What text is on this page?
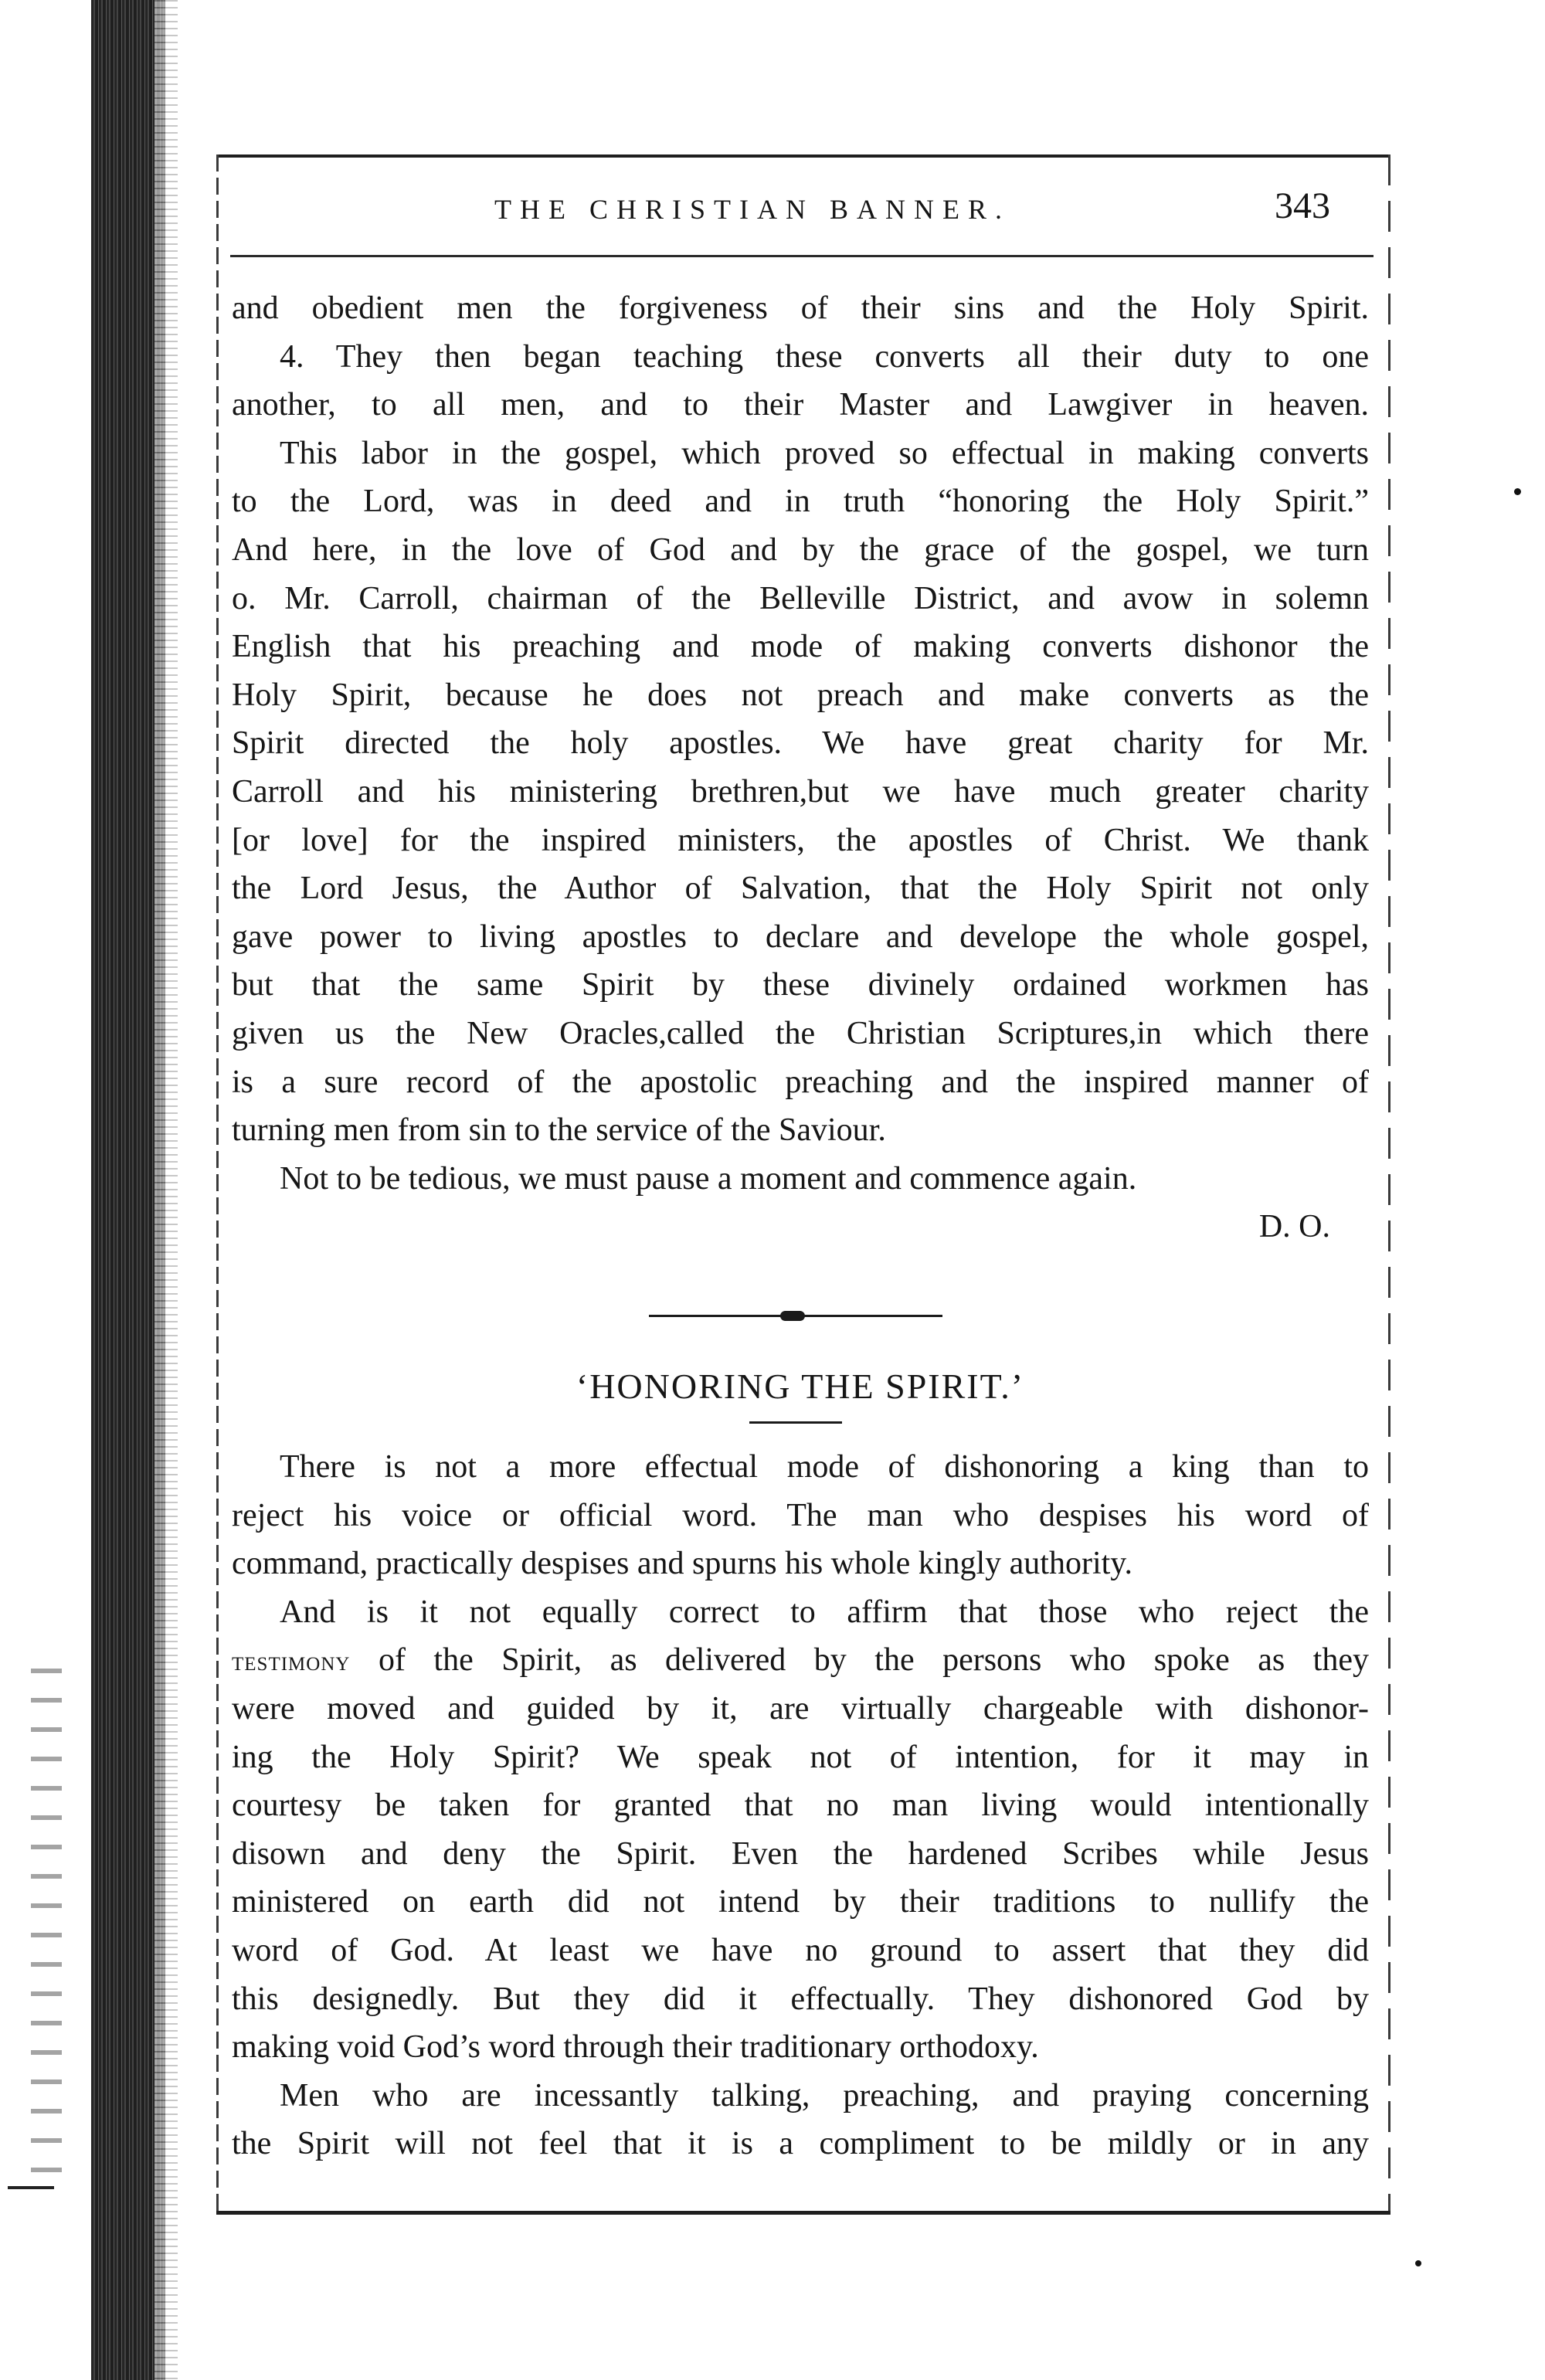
THE CHRISTIAN BANNER.	343
and obedient men the forgiveness of their sins and the Holy Spirit.
4. They then began teaching these converts all their duty to one
another, to all men, and to their Master and Lawgiver in heaven.
This labor in the gospel, which proved so effectual in making converts
to the Lord, was in deed and in truth “honoring the Holy Spirit.”
And here, in the love of God and by the grace of the gospel, we turn
o. Mr. Carroll, chairman of the Belleville District, and avow in solemn
English that his preaching and mode of making converts dishonor the
Holy Spirit, because he does not preach and make converts as the
Spirit directed the holy apostles. We have great charity for Mr.
Carroll and his ministering brethren,but we have much greater charity
[or love] for the inspired ministers, the apostles of Christ. We thank
the Lord Jesus, the Author of Salvation, that the Holy Spirit not only
gave power to living apostles to declare and develope the whole gospel,
but that the same Spirit by these divinely ordained workmen has
given us the New Oracles,called the Christian Scriptures,in which there
is a sure record of the apostolic preaching and the inspired manner of
turning men from sin to the service of the Saviour.
Not to be tedious, we must pause a moment and commence again.
D. O.
‘HONORING THE SPIRIT.’
There is not a more effectual mode of dishonoring a king than to
reject his voice or official word. The man who despises his word of
command, practically despises and spurns his whole kingly authority.
And is it not equally correct to affirm that those who reject the
testimony of the Spirit, as delivered by the persons who spoke as they
were moved and guided by it, are virtually chargeable with dishonor-
ing the Holy Spirit? We speak not of intention, for it may in
courtesy be taken for granted that no man living would intentionally
disown and deny the Spirit. Even the hardened Scribes while Jesus
ministered on earth did not intend by their traditions to nullify the
word of God. At least we have no ground to assert that they did
this designedly. But they did it effectually. They dishonored God by
making void God’s word through their traditionary orthodoxy.
Men who are incessantly talking, preaching, and praying concerning
the Spirit will not feel that it is a compliment to be mildly or in any
